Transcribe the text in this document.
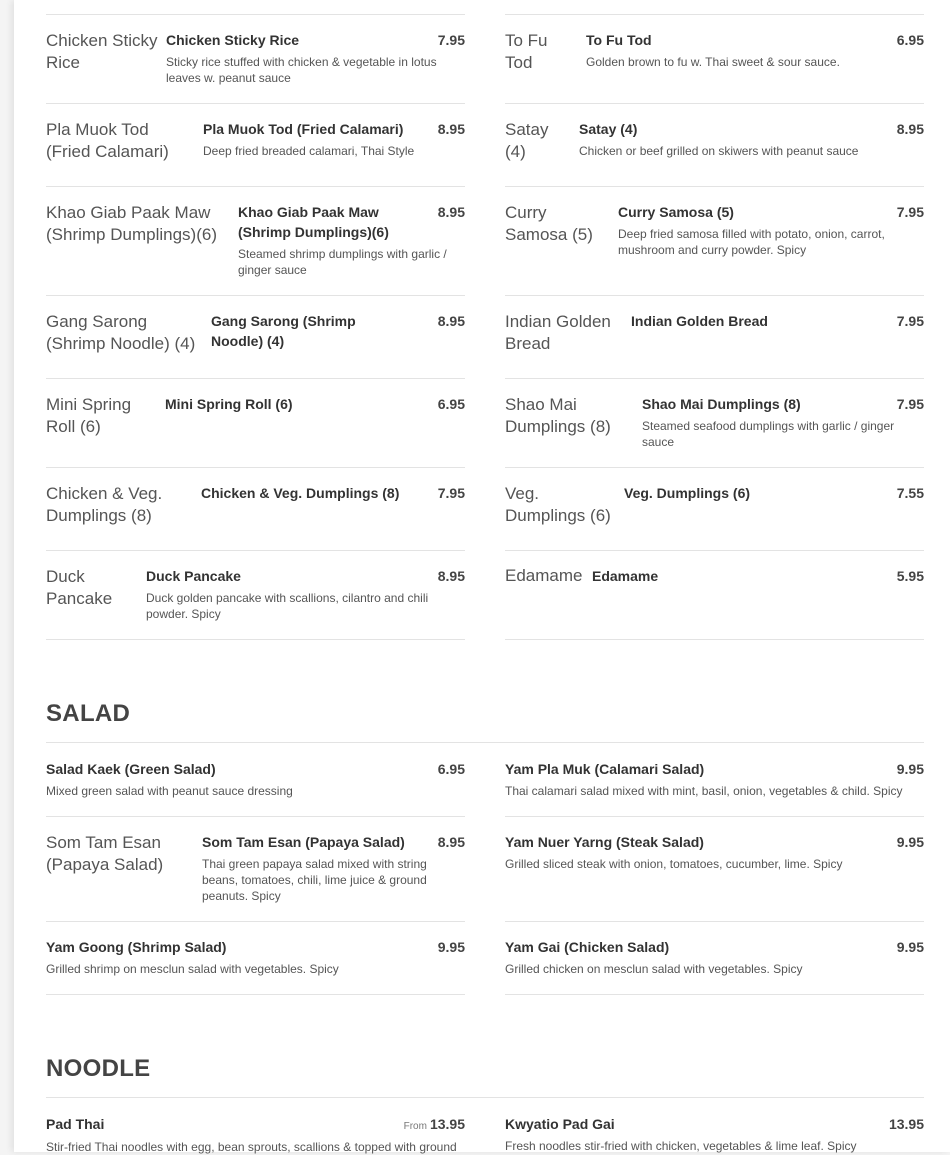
Chicken Sticky Rice
Chicken Sticky Rice	7.95
Sticky rice stuffed with chicken & vegetable in lotus leaves w. peanut sauce
To Fu Tod
To Fu Tod	6.95
Golden brown to fu w. Thai sweet & sour sauce.
Pla Muok Tod (Fried Calamari)
Pla Muok Tod (Fried Calamari)	8.95
Deep fried breaded calamari, Thai Style
Satay (4)
Satay (4)	8.95
Chicken or beef grilled on skiwers with peanut sauce
Khao Giab Paak Maw (Shrimp Dumplings)(6)
Khao Giab Paak Maw (Shrimp Dumplings)(6)
8.95
Steamed shrimp dumplings with garlic / ginger sauce
Curry Samosa (5)
Curry Samosa (5)	7.95
Deep fried samosa filled with potato, onion, carrot, mushroom and curry powder. Spicy
Gang Sarong (Shrimp Noodle) (4)
Gang Sarong (Shrimp Noodle) (4)
8.95 Indian Golden Bread
Indian Golden Bread	7.95
Mini Spring Roll (6)
Mini Spring Roll (6)	6.95 Shao Mai Dumplings (8)
Shao Mai Dumplings (8)	7.95
Steamed seafood dumplings with garlic / ginger sauce
Chicken & Veg. Dumplings (8)
Chicken & Veg. Dumplings (8)	7.95 Veg. Dumplings (6)
Veg. Dumplings (6)	7.55
Duck Pancake
Duck Pancake	8.95
Duck golden pancake with scallions, cilantro and chili powder. Spicy
Edamame Edamame	5.95
SALAD
Salad Kaek (Green Salad)	6.95
Mixed green salad with peanut sauce dressing
Yam Pla Muk (Calamari Salad)	9.95
Thai calamari salad mixed with mint, basil, onion, vegetables & child. Spicy
Som Tam Esan (Papaya Salad)
Som Tam Esan (Papaya Salad)	8.95
Thai green papaya salad mixed with string beans, tomatoes, chili, lime juice & ground peanuts. Spicy
Yam Nuer Yarng (Steak Salad)	9.95
Grilled sliced steak with onion, tomatoes, cucumber, lime. Spicy
Yam Goong (Shrimp Salad)	9.95
Grilled shrimp on mesclun salad with vegetables. Spicy
Yam Gai (Chicken Salad)	9.95
Grilled chicken on mesclun salad with vegetables. Spicy
NOODLE
Pad Thai	From 13.95
Stir-fried Thai noodles with egg, bean sprouts, scallions & topped with ground
Kwyatio Pad Gai	13.95
Fresh noodles stir-fried with chicken, vegetables & lime leaf. Spicy
